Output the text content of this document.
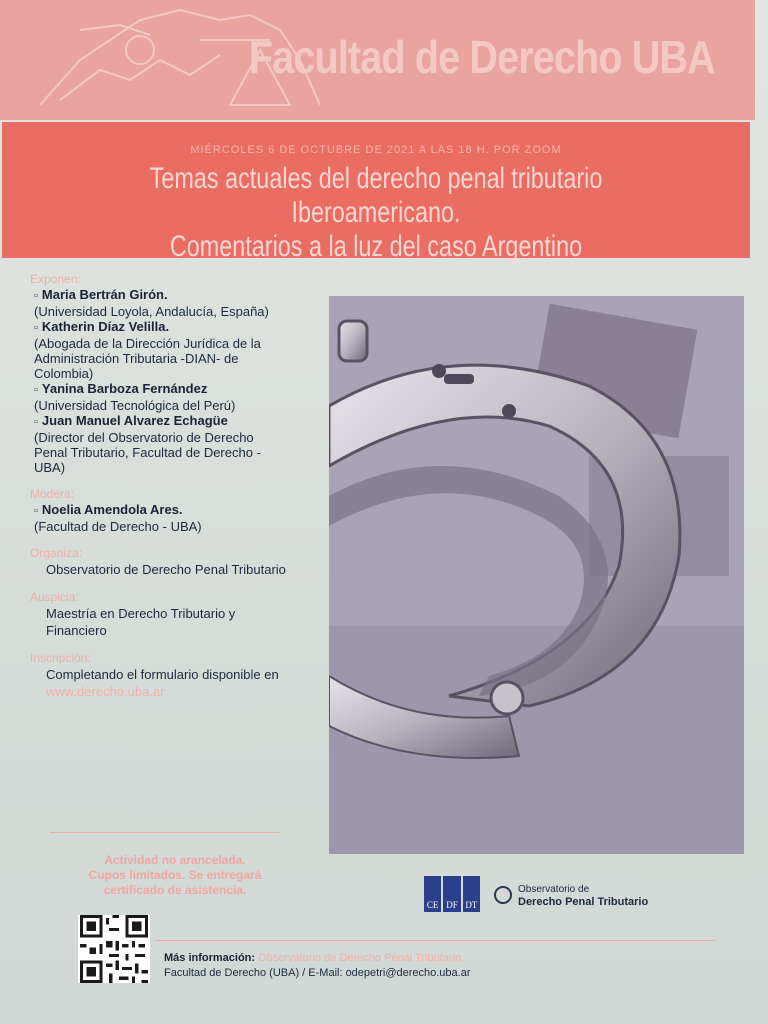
Facultad de Derecho UBA
MIÉRCOLES 6 DE OCTUBRE DE 2021 A LAS 18 H. POR ZOOM
Temas actuales del derecho penal tributario Iberoamericano.
Comentarios a la luz del caso Argentino
Exponen:
▫ Maria Bertrán Girón.
(Universidad Loyola, Andalucía, España)
▫ Katherin Díaz Velilla.
(Abogada de la Dirección Jurídica de la Administración Tributaria -DIAN- de Colombia)
▫ Yanina Barboza Fernández
(Universidad Tecnológica del Perú)
▫ Juan Manuel Alvarez Echagüe
(Director del Observatorio de Derecho Penal Tributario, Facultad de Derecho - UBA)
Modera:
▫ Noelia Amendola Ares.
(Facultad de Derecho - UBA)
Organiza:
Observatorio de Derecho Penal Tributario
Auspicia:
Maestría en Derecho Tributario y Financiero
Inscripción:
Completando el formulario disponible en www.derecho.uba.ar
Actividad no arancelada.
Cupos limitados. Se entregará
certificado de asistencia.
CE DF DT
Observatorio de
Derecho Penal Tributario
Más información: Observatorio de Derecho Penal Tributario,
Facultad de Derecho (UBA) / E-Mail: odepetri@derecho.uba.ar
